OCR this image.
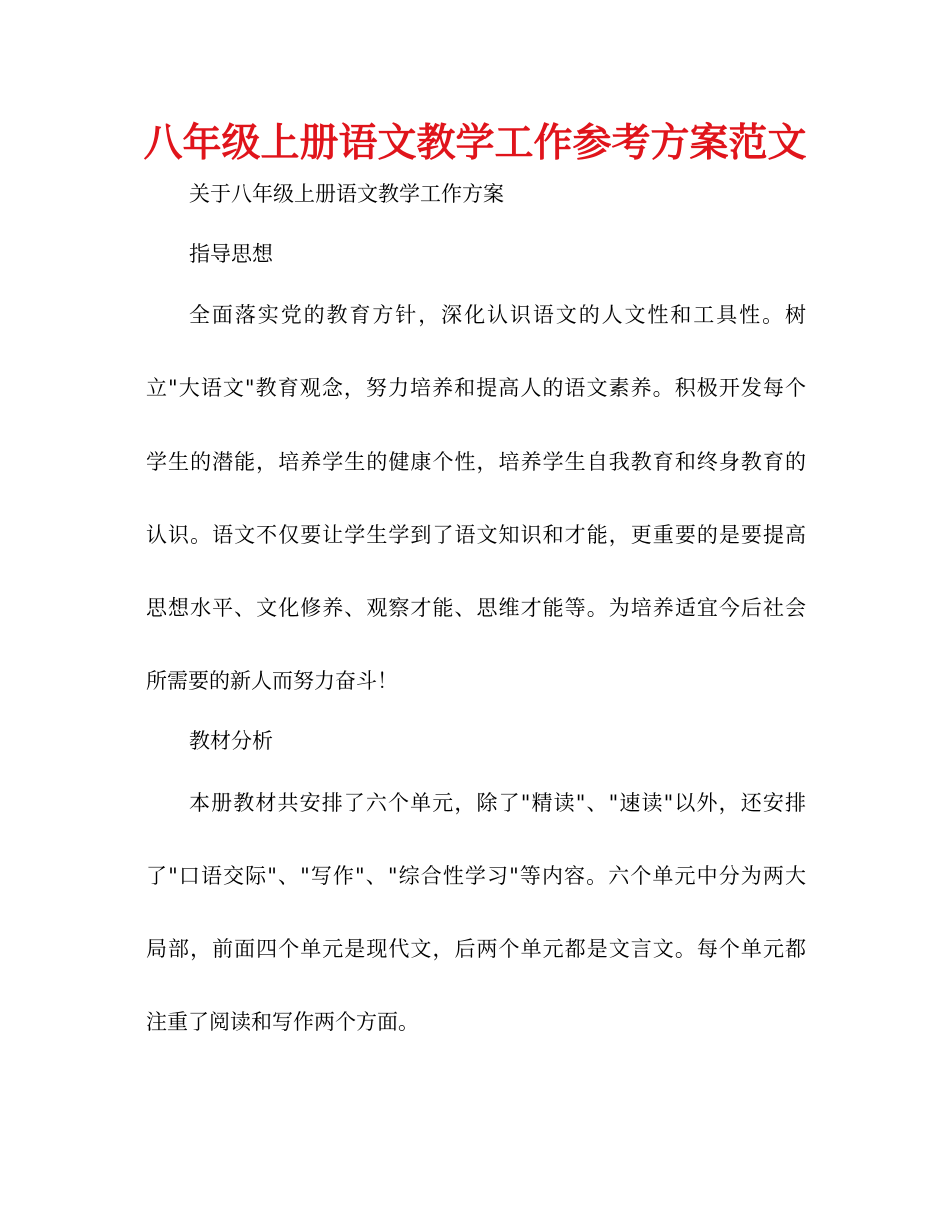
八年级上册语文教学工作参考方案范文
关于八年级上册语文教学工作方案
指导思想
全面落实党的教育方针，深化认识语文的人文性和工具性。树
立"大语文"教育观念，努力培养和提高人的语文素养。积极开发每个
学生的潜能，培养学生的健康个性，培养学生自我教育和终身教育的
认识。语文不仅要让学生学到了语文知识和才能，更重要的是要提高
思想水平、文化修养、观察才能、思维才能等。为培养适宜今后社会
所需要的新人而努力奋斗！
教材分析
本册教材共安排了六个单元，除了"精读"、"速读"以外，还安排
了"口语交际"、"写作"、"综合性学习"等内容。六个单元中分为两大
局部，前面四个单元是现代文，后两个单元都是文言文。每个单元都
注重了阅读和写作两个方面。
